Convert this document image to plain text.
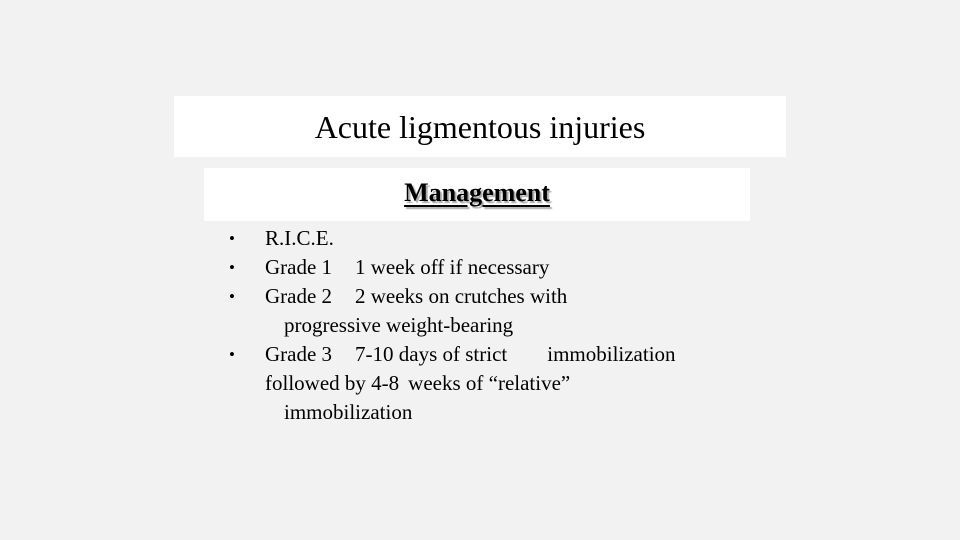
Acute ligmentous injuries
Management
• R.I.C.E.
• Grade 1 1 week off if necessary
• Grade 2 2 weeks on crutches with
progressive weight-bearing
• Grade 3 7-10 days of strict immobilization
followed by 4-8 weeks of “relative”
immobilization
